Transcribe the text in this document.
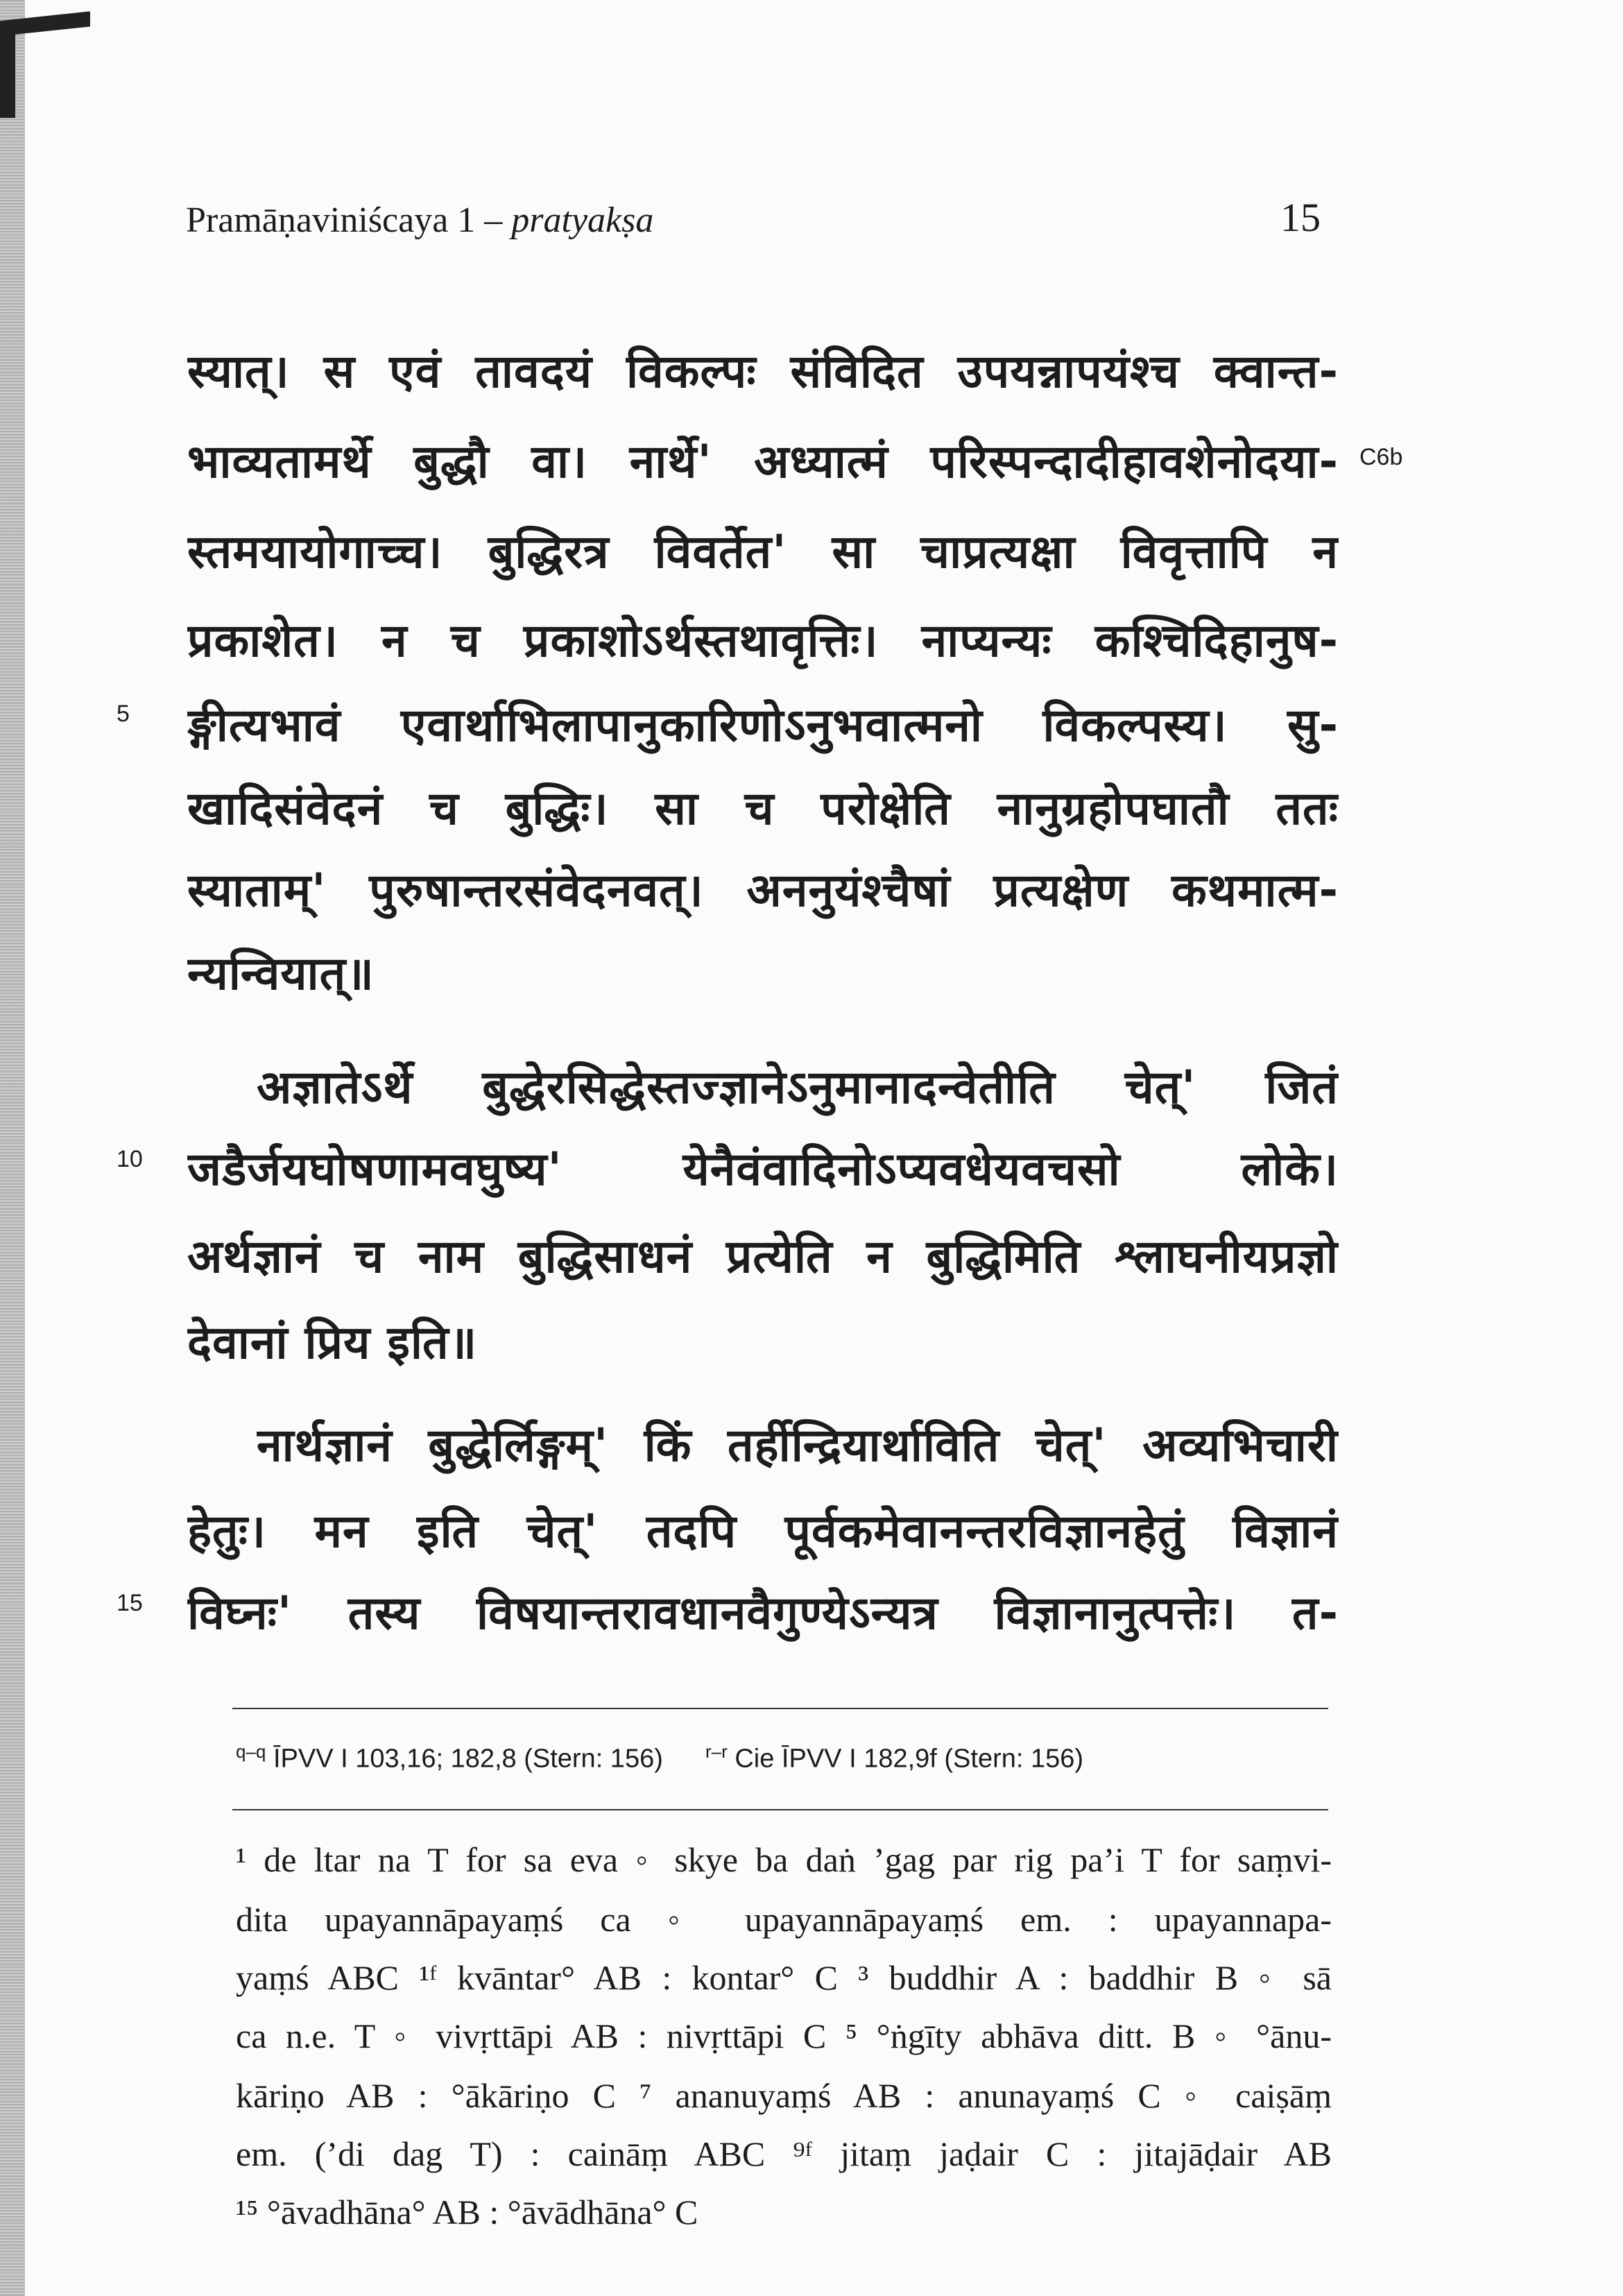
Pramāṇaviniścaya 1 – pratyakṣa	15
C6b
5
10
15
स्यात्। स एवं तावदयं विकल्पः संविदित उपयन्नापयंश्च क्वान्त-
भाव्यतामर्थे बुद्धौ वा। नार्थे' अध्यात्मं परिस्पन्दादीहावशेनोदया-
स्तमयायोगाच्च। बुद्धिरत्र विवर्तेत' सा चाप्रत्यक्षा विवृत्तापि न
प्रकाशेत। न च प्रकाशोऽर्थस्तथावृत्तिः। नाप्यन्यः कश्चिदिहानुष-
ङ्गीत्यभावं एवार्थाभिलापानुकारिणोऽनुभवात्मनो विकल्पस्य। सु-
खादिसंवेदनं च बुद्धिः। सा च परोक्षेति नानुग्रहोपघातौ ततः
स्याताम्' पुरुषान्तरसंवेदनवत्। अननुयंश्चैषां प्रत्यक्षेण कथमात्म-
न्यन्वियात्॥
अज्ञातेऽर्थे बुद्धेरसिद्धेस्तज्ज्ञानेऽनुमानादन्वेतीति चेत्' जितं
जडैर्जयघोषणामवघुष्य' येनैवंवादिनोऽप्यवधेयवचसो लोके।
अर्थज्ञानं च नाम बुद्धिसाधनं प्रत्येति न बुद्धिमिति श्लाघनीयप्रज्ञो
देवानां प्रिय इति॥
नार्थज्ञानं बुद्धेर्लिङ्गम्' किं तर्हीन्द्रियार्थाविति चेत्' अव्यभिचारी
हेतुः। मन इति चेत्' तदपि पूर्वकमेवानन्तरविज्ञानहेतुं विज्ञानं
विघ्नः' तस्य विषयान्तरावधानवैगुण्येऽन्यत्र विज्ञानानुत्पत्तेः। त-
$^{q-q}$ ĪPVV I 103,16; 182,8 (Stern: 156) $^{r-r}$ Cie ĪPVV I 182,9f (Stern: 156)
¹ de ltar na T for sa eva ◦ skye ba daṅ ’gag par rig pa’i T for saṃvi-
dita upayannāpayaṃś ca ◦ upayannāpayaṃś em. : upayannapa-
yaṃś ABC ¹ᶠ kvāntar° AB : kontar° C ³ buddhir A : baddhir B ◦ sā
ca n.e. T ◦ vivṛttāpi AB : nivṛttāpi C ⁵ °ṅgīty abhāva ditt. B ◦ °ānu-
kāriṇo AB : °ākāriṇo C ⁷ ananuyaṃś AB : anunayaṃś C ◦ caiṣāṃ
em. (’di dag T) : caināṃ ABC ⁹ᶠ jitaṃ jaḍair C : jitajāḍair AB
¹⁵ °āvadhāna° AB : °āvādhāna° C
